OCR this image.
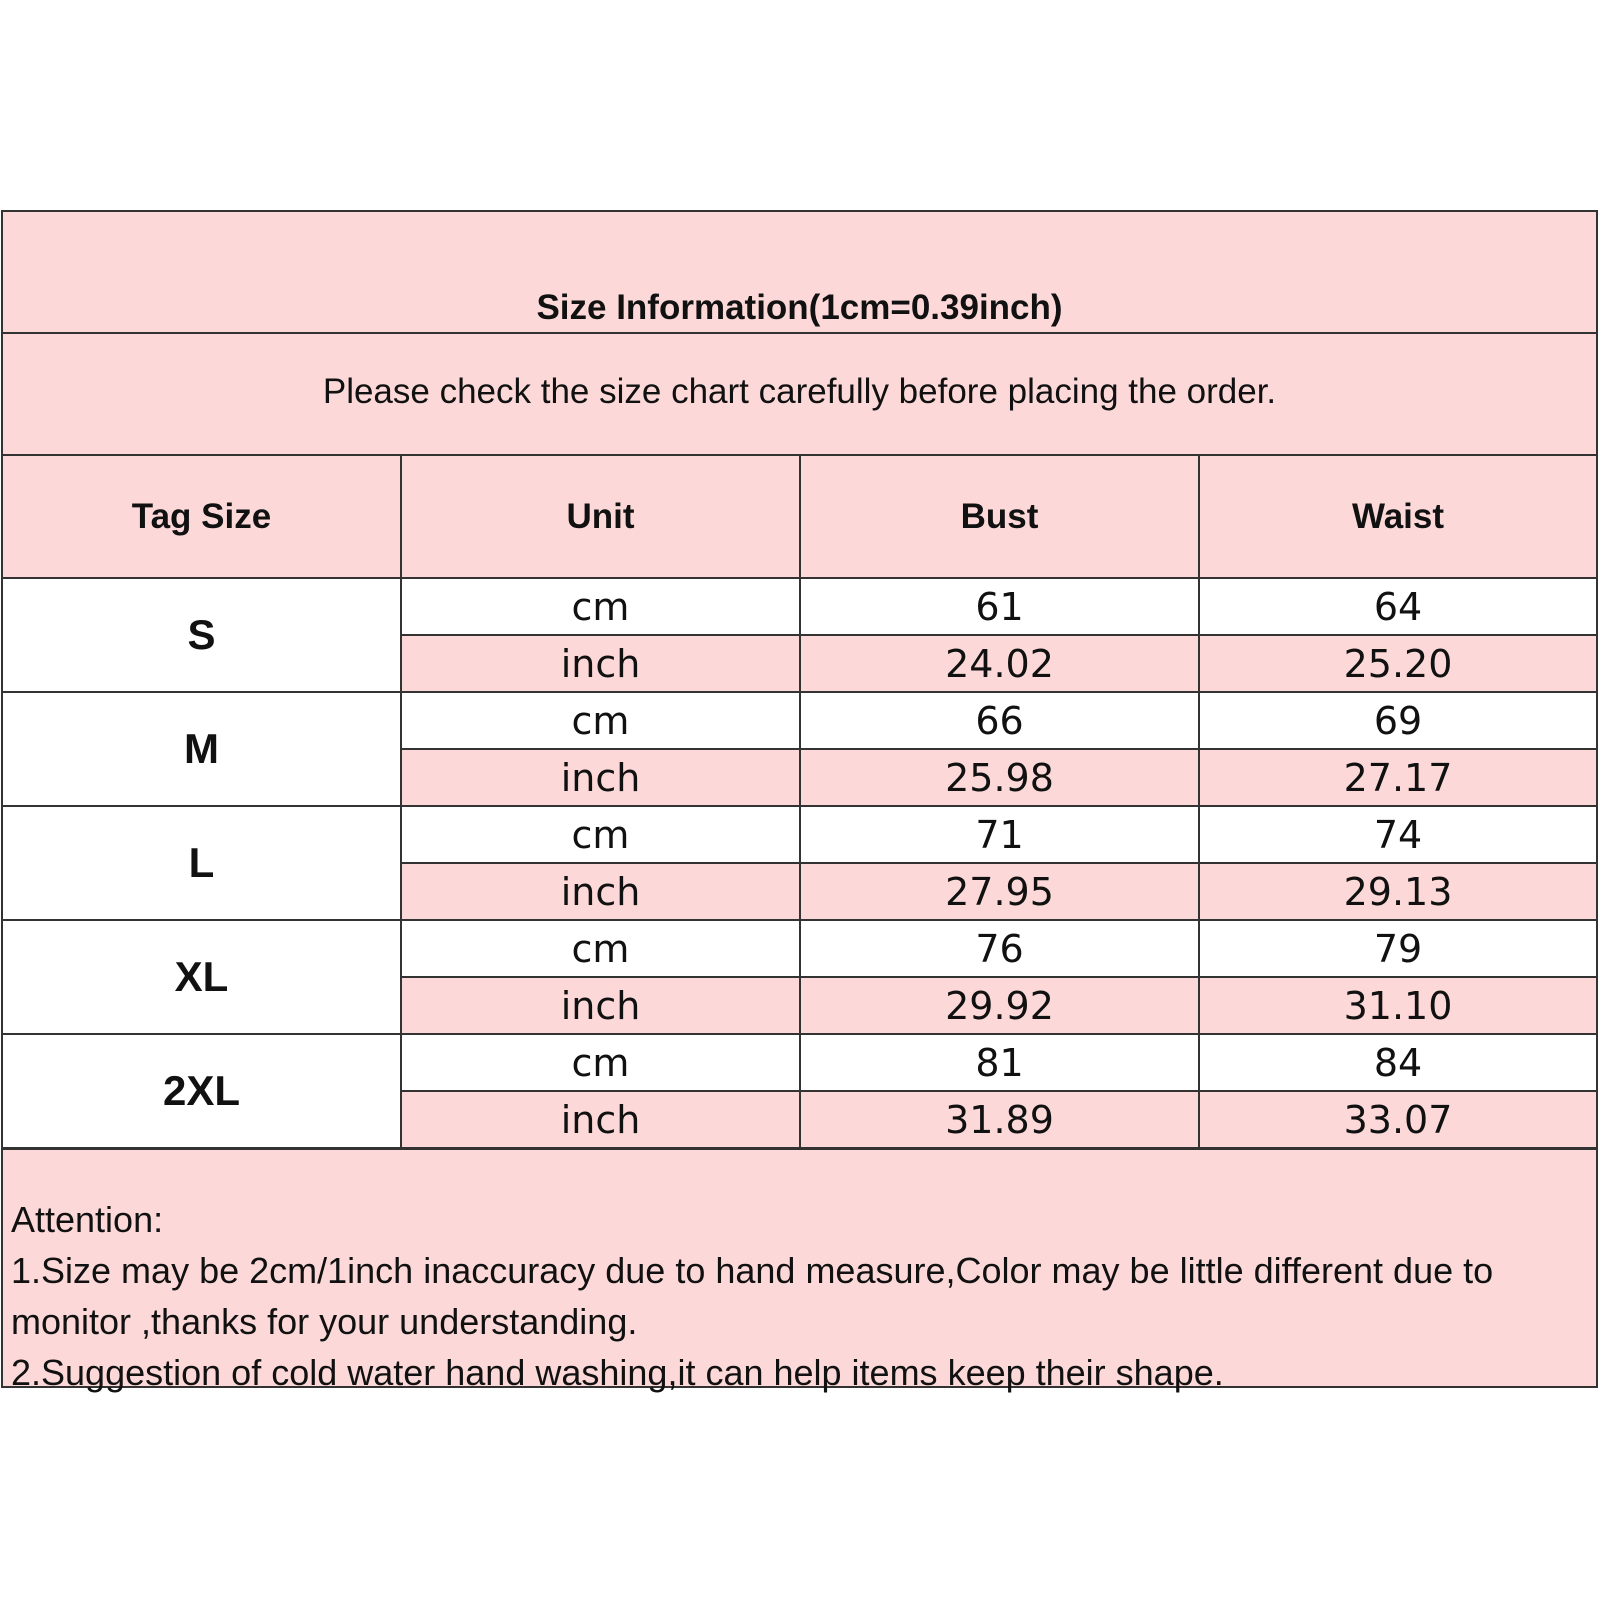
Size Information(1cm=0.39inch)
Please check the size chart carefully before placing the order.
Tag Size	Unit	Bust	Waist
S	cm	61	64
	inch	24.02	25.20
M	cm	66	69
	inch	25.98	27.17
L	cm	71	74
	inch	27.95	29.13
XL	cm	76	79
	inch	29.92	31.10
2XL	cm	81	84
	inch	31.89	33.07
Attention:
1.Size may be 2cm/1inch inaccuracy due to hand measure,Color may be little different due to monitor ,thanks for your understanding.
2.Suggestion of cold water hand washing,it can help items keep their shape.
